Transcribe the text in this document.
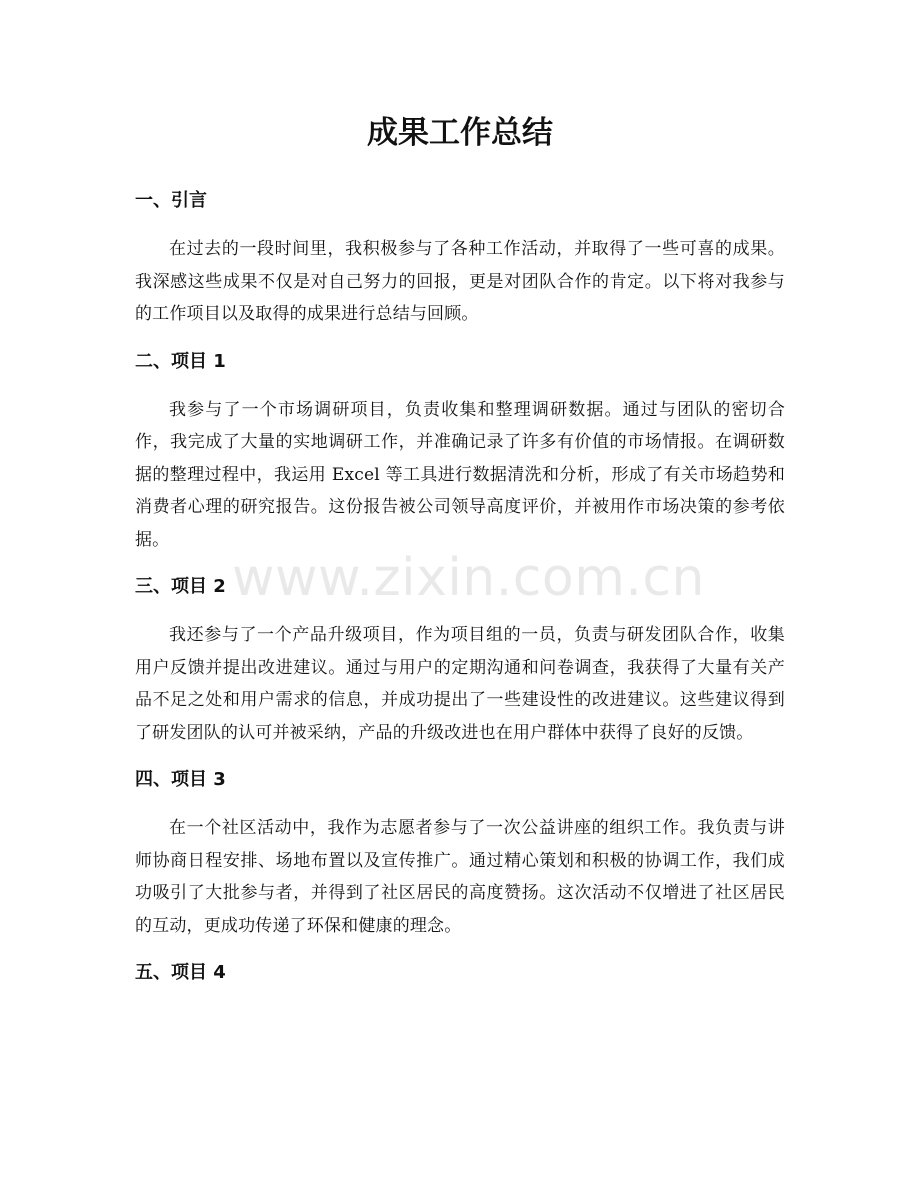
成果工作总结
一、引言

在过去的一段时间里，我积极参与了各种工作活动，并取得了一些可喜的成果。我深感这些成果不仅是对自己努力的回报，更是对团队合作的肯定。以下将对我参与的工作项目以及取得的成果进行总结与回顾。

二、项目 1

我参与了一个市场调研项目，负责收集和整理调研数据。通过与团队的密切合作，我完成了大量的实地调研工作，并准确记录了许多有价值的市场情报。在调研数据的整理过程中，我运用 Excel 等工具进行数据清洗和分析，形成了有关市场趋势和消费者心理的研究报告。这份报告被公司领导高度评价，并被用作市场决策的参考依据。

三、项目 2

我还参与了一个产品升级项目，作为项目组的一员，负责与研发团队合作，收集用户反馈并提出改进建议。通过与用户的定期沟通和问卷调查，我获得了大量有关产品不足之处和用户需求的信息，并成功提出了一些建设性的改进建议。这些建议得到了研发团队的认可并被采纳，产品的升级改进也在用户群体中获得了良好的反馈。

四、项目 3

在一个社区活动中，我作为志愿者参与了一次公益讲座的组织工作。我负责与讲师协商日程安排、场地布置以及宣传推广。通过精心策划和积极的协调工作，我们成功吸引了大批参与者，并得到了社区居民的高度赞扬。这次活动不仅增进了社区居民的互动，更成功传递了环保和健康的理念。

五、项目 4
www.zixin.com.cn
